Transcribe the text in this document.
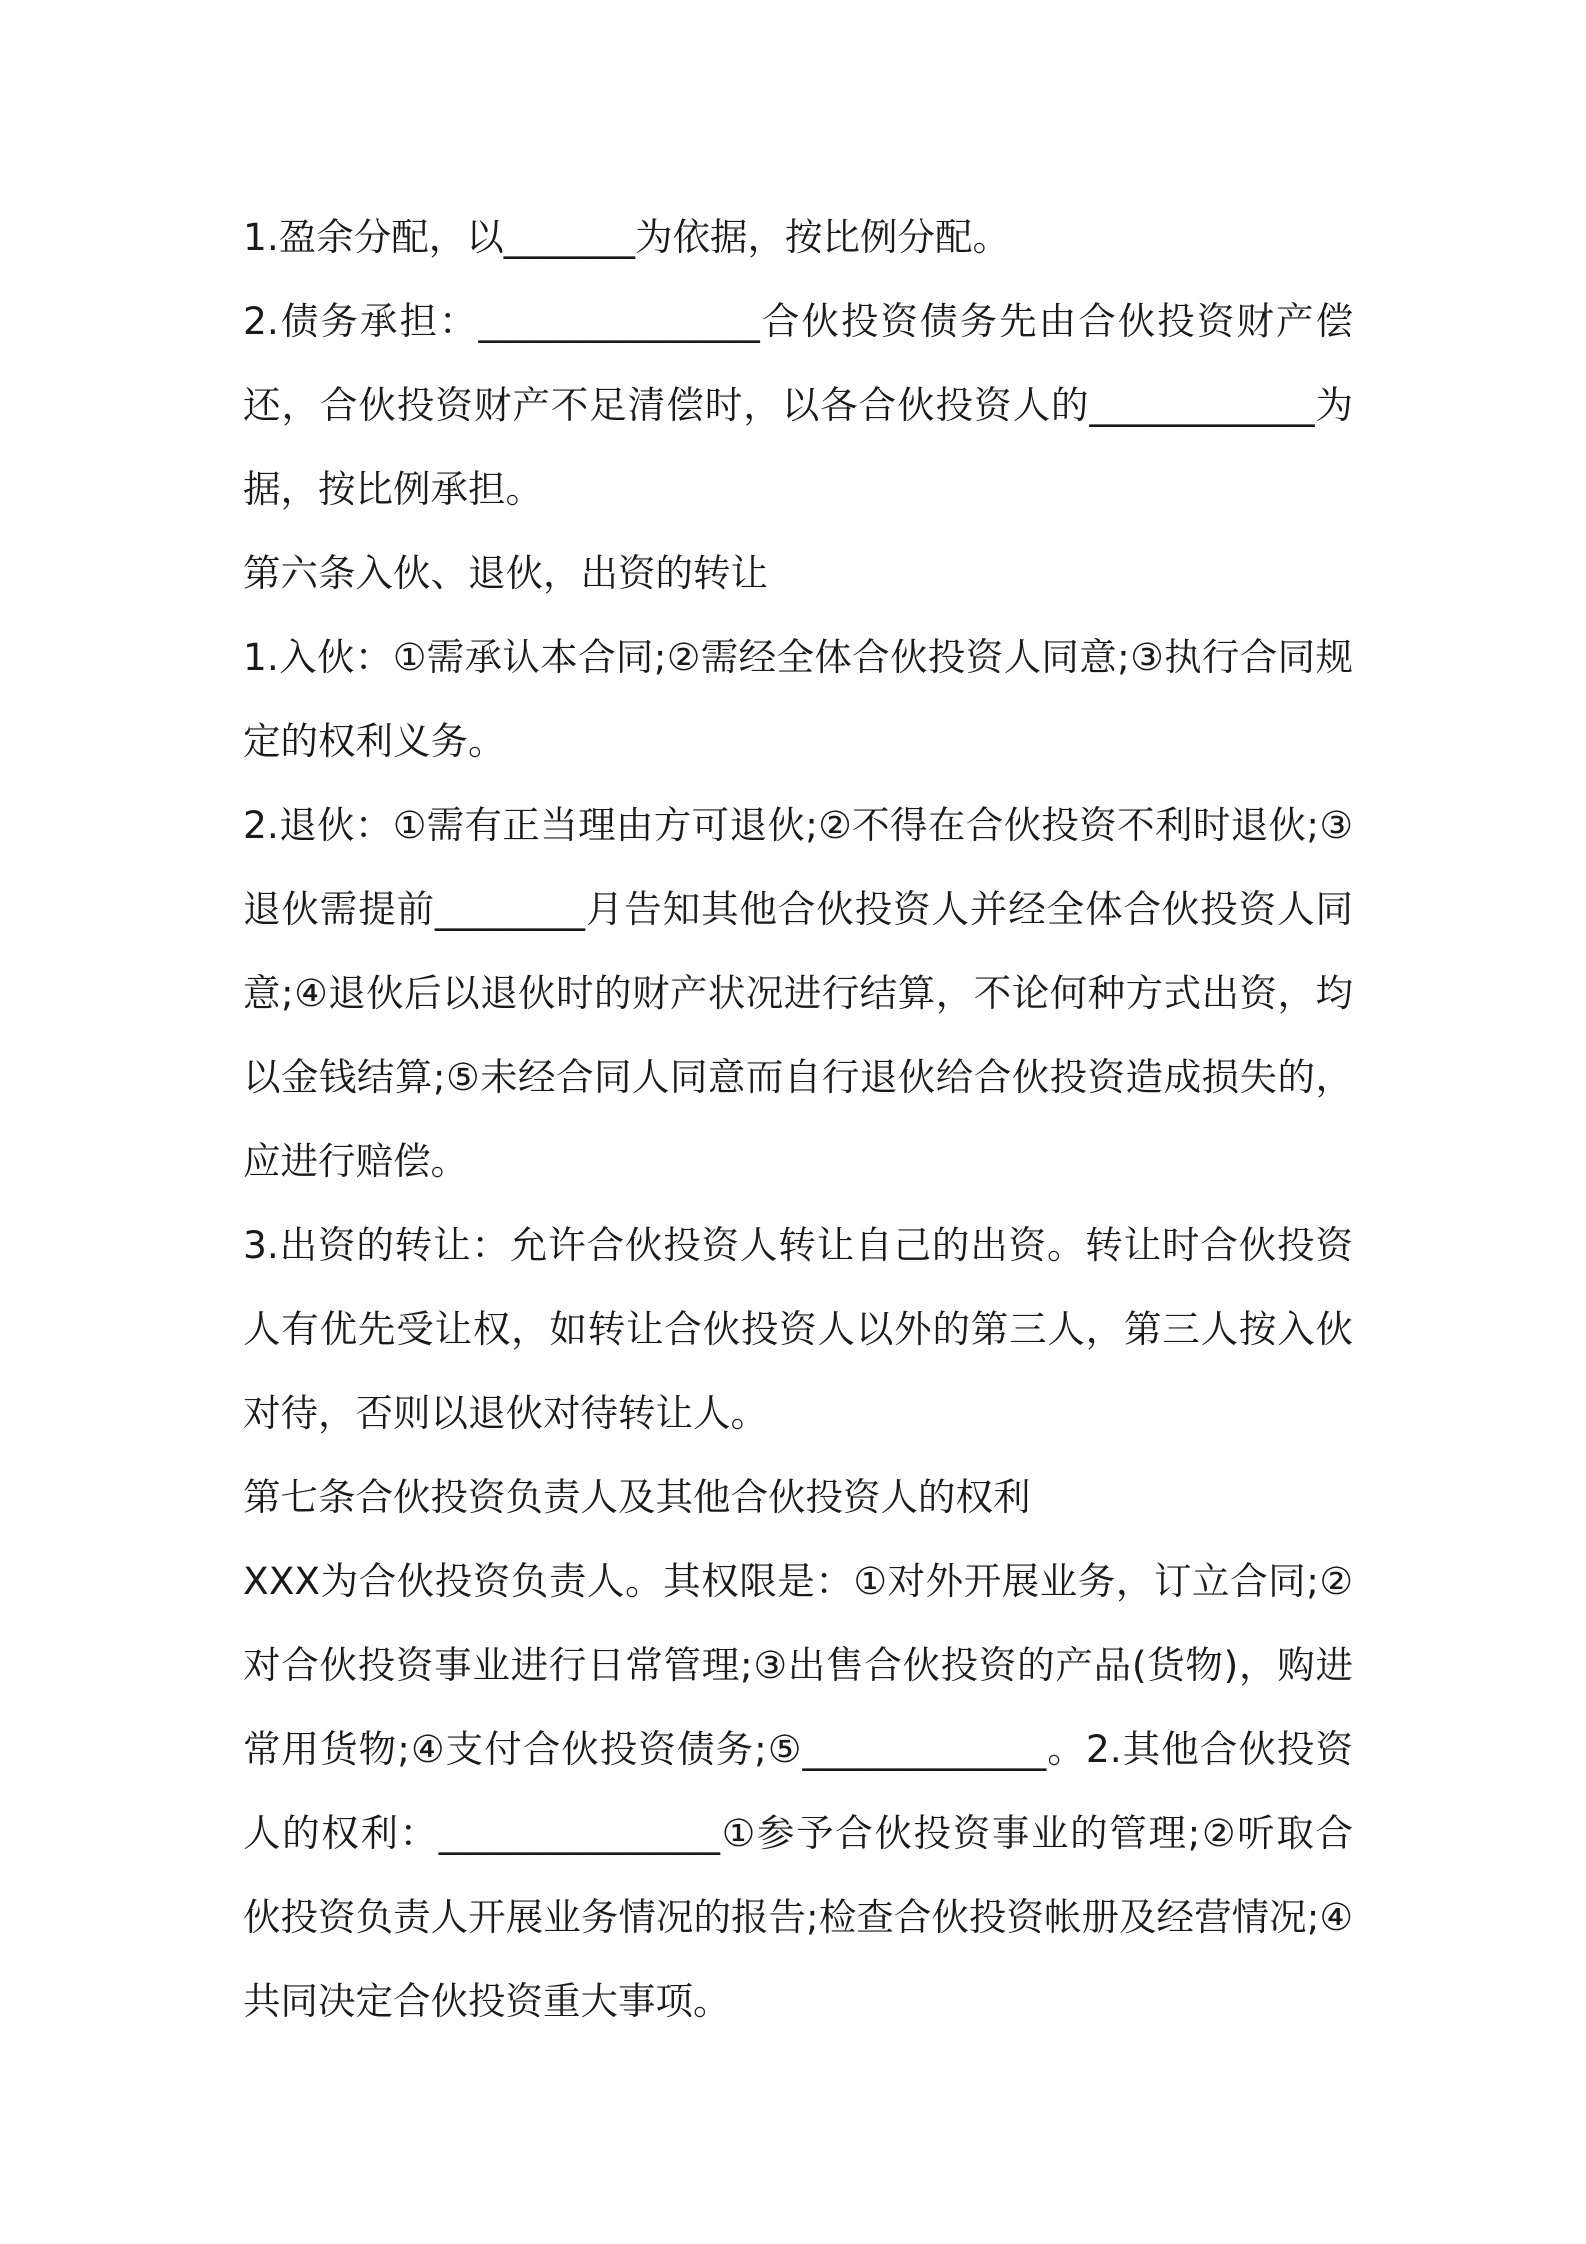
1.盈余分配，以_______为依据，按比例分配。

2.债务承担：_______________合伙投资债务先由合伙投资财产偿还，合伙投资财产不足清偿时，以各合伙投资人的____________为据，按比例承担。

第六条入伙、退伙，出资的转让

1.入伙：①需承认本合同;②需经全体合伙投资人同意;③执行合同规定的权利义务。

2.退伙：①需有正当理由方可退伙;②不得在合伙投资不利时退伙;③退伙需提前________月告知其他合伙投资人并经全体合伙投资人同意;④退伙后以退伙时的财产状况进行结算，不论何种方式出资，均以金钱结算;⑤未经合同人同意而自行退伙给合伙投资造成损失的，应进行赔偿。

3.出资的转让：允许合伙投资人转让自己的出资。转让时合伙投资人有优先受让权，如转让合伙投资人以外的第三人，第三人按入伙对待，否则以退伙对待转让人。

第七条合伙投资负责人及其他合伙投资人的权利

XXX为合伙投资负责人。其权限是：①对外开展业务，订立合同;②对合伙投资事业进行日常管理;③出售合伙投资的产品(货物)，购进常用货物;④支付合伙投资债务;⑤_____________。2.其他合伙投资人的权利：_______________①参予合伙投资事业的管理;②听取合伙投资负责人开展业务情况的报告;检查合伙投资帐册及经营情况;④共同决定合伙投资重大事项。
